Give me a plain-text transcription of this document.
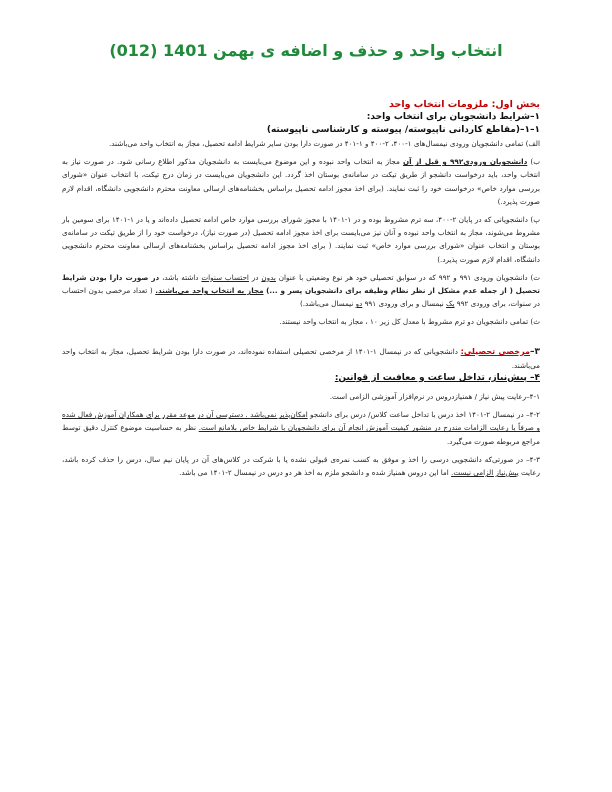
انتخاب واحد و حذف و اضافه ی بهمن 1401 (012)

بخش اول: ملزومات انتخاب واحد

۱–شرایط دانشجویان برای انتخاب واحد:

۱–۱–(مقاطع کاردانی ناپیوسته/ پیوسته و کارشناسی ناپیوسته)

الف) تمامی دانشجویان ورودی نیمسال‌های ۱-۴۰۰، ۲-۴۰۰ و ۱-۴۰۱ در صورت دارا بودن سایر شرایط ادامه تحصیل، مجاز به انتخاب واحد می‌باشند.

ب) دانشجویان ورودی۹۹۲ و قبل از آن مجاز به انتخاب واحد نبوده و این موضوع می‌بایست به دانشجویان مذکور اطلاع رسانی شود. در صورت نیاز به انتخاب واحد، باید درخواست دانشجو از طریق تیکت در سامانه‌ی بوستان اخذ گردد. این دانشجویان می‌بایست در زمان درج تیکت، با انتخاب عنوان «شورای بررسی موارد خاص» درخواست خود را ثبت نمایند. (برای اخذ مجوز ادامه تحصیل براساس بخشنامه‌های ارسالی معاونت محترم دانشجویی دانشگاه، اقدام لازم صورت پذیرد.)

پ) دانشجویانی که در پایان ۲-۴۰۰، سه ترم مشروط بوده و در ۱-۱۴۰۱ با مجوز شورای بررسی موارد خاص ادامه تحصیل داده‌اند و یا در ۱-۱۴۰۱ برای سومین بار مشروط می‌شوند، مجاز به انتخاب واحد نبوده و آنان نیز می‌بایست برای اخذ مجوز ادامه تحصیل (در صورت نیاز)، درخواست خود را از طریق تیکت در سامانه‌ی بوستان و انتخاب عنوان «شورای بررسی موارد خاص» ثبت نمایند. ( برای اخذ مجوز ادامه تحصیل براساس بخشنامه‌های ارسالی معاونت محترم دانشجویی دانشگاه، اقدام لازم صورت پذیرد.)

ت) دانشجویان ورودی ۹۹۱ و ۹۹۲ که در سوابق تحصیلی خود هر نوع وضعیتی با عنوان بدون در احتساب سنوات داشته باشد، در صورت دارا بودن شرایط تحصیل ( از جمله عدم مشکل از نظر نظام وظیفه برای دانشجویان پسر و ...) مجاز به انتخاب واحد می‌باشند. ( تعداد مرخصی بدون احتساب در سنوات، برای ورودی ۹۹۲ یک نیمسال و برای ورودی ۹۹۱ دو نیمسال می‌باشد.)

ث) تمامی دانشجویان دو ترم مشروط با معدل کل زیر ۱۰ ، مجاز به انتخاب واحد نیستند.

۳–مرخصی تحصیلی: دانشجویانی که در نیمسال ۱-۱۴۰۱ از مرخصی تحصیلی استفاده نموده‌اند، در صورت دارا بودن شرایط تحصیل، مجاز به انتخاب واحد می‌باشند.

۴– پیش‌نیاز، تداخل ساعت و معافیت از قوانین:

۴-۱–رعایت پیش نیاز / همنیازدروس در نرم‌افزار آموزشی الزامی است.

۴-۲– در نیمسال ۲-۱۴۰۱ اخذ درس با تداخل ساعت کلاس/ درس برای دانشجو امکان‌پذیر نمی‌باشد . دسترسی آن در موعد مقرر برای همکاران آموزش فعال شده و صرفاً با رعایت الزامات مندرج در منشور کیفیت آموزش انجام آن برای دانشجویان با شرایط خاص بلامانع است. نظر به حساسیت موضوع کنترل دقیق توسط مراجع مربوطه صورت می‌گیرد.

۴-۳– در صورتی‌که دانشجویی درسی را اخذ و موفق به کسب نمره‌ی قبولی نشده یا با شرکت در کلاس‌های آن در پایان نیم سال، درس را حذف کرده باشد، رعایت پیش‌نیاز الزامی نیست. اما این دروس همنیاز شده و دانشجو ملزم به اخذ هر دو درس در نیمسال ۲-۱۴۰۱ می باشد.
